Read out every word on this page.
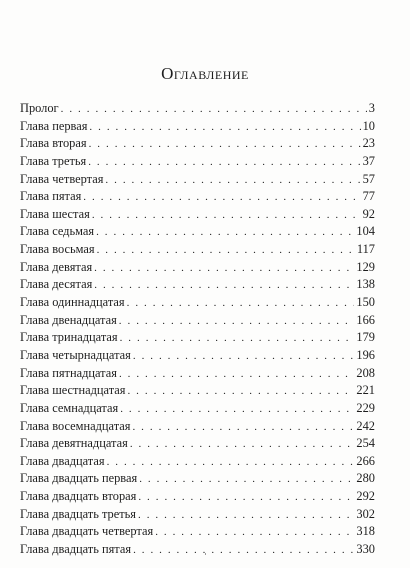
Оглавление
Пролог . . .	3
Глава первая . . .	10
Глава вторая . . .	23
Глава третья . . .	37
Глава четвертая . . .	57
Глава пятая . . .	77
Глава шестая . . .	92
Глава седьмая . . .	104
Глава восьмая . . .	117
Глава девятая . . .	129
Глава десятая . . .	138
Глава одиннадцатая . . .	150
Глава двенадцатая . . .	166
Глава тринадцатая . . .	179
Глава четырнадцатая . . .	196
Глава пятнадцатая . . .	208
Глава шестнадцатая . . .	221
Глава семнадцатая . . .	229
Глава восемнадцатая . . .	242
Глава девятнадцатая . . .	254
Глава двадцатая . . .	266
Глава двадцать первая . . .	280
Глава двадцать вторая . . .	292
Глава двадцать третья . . .	302
Глава двадцать четвертая . . .	318
Глава двадцать пятая . . .	330
